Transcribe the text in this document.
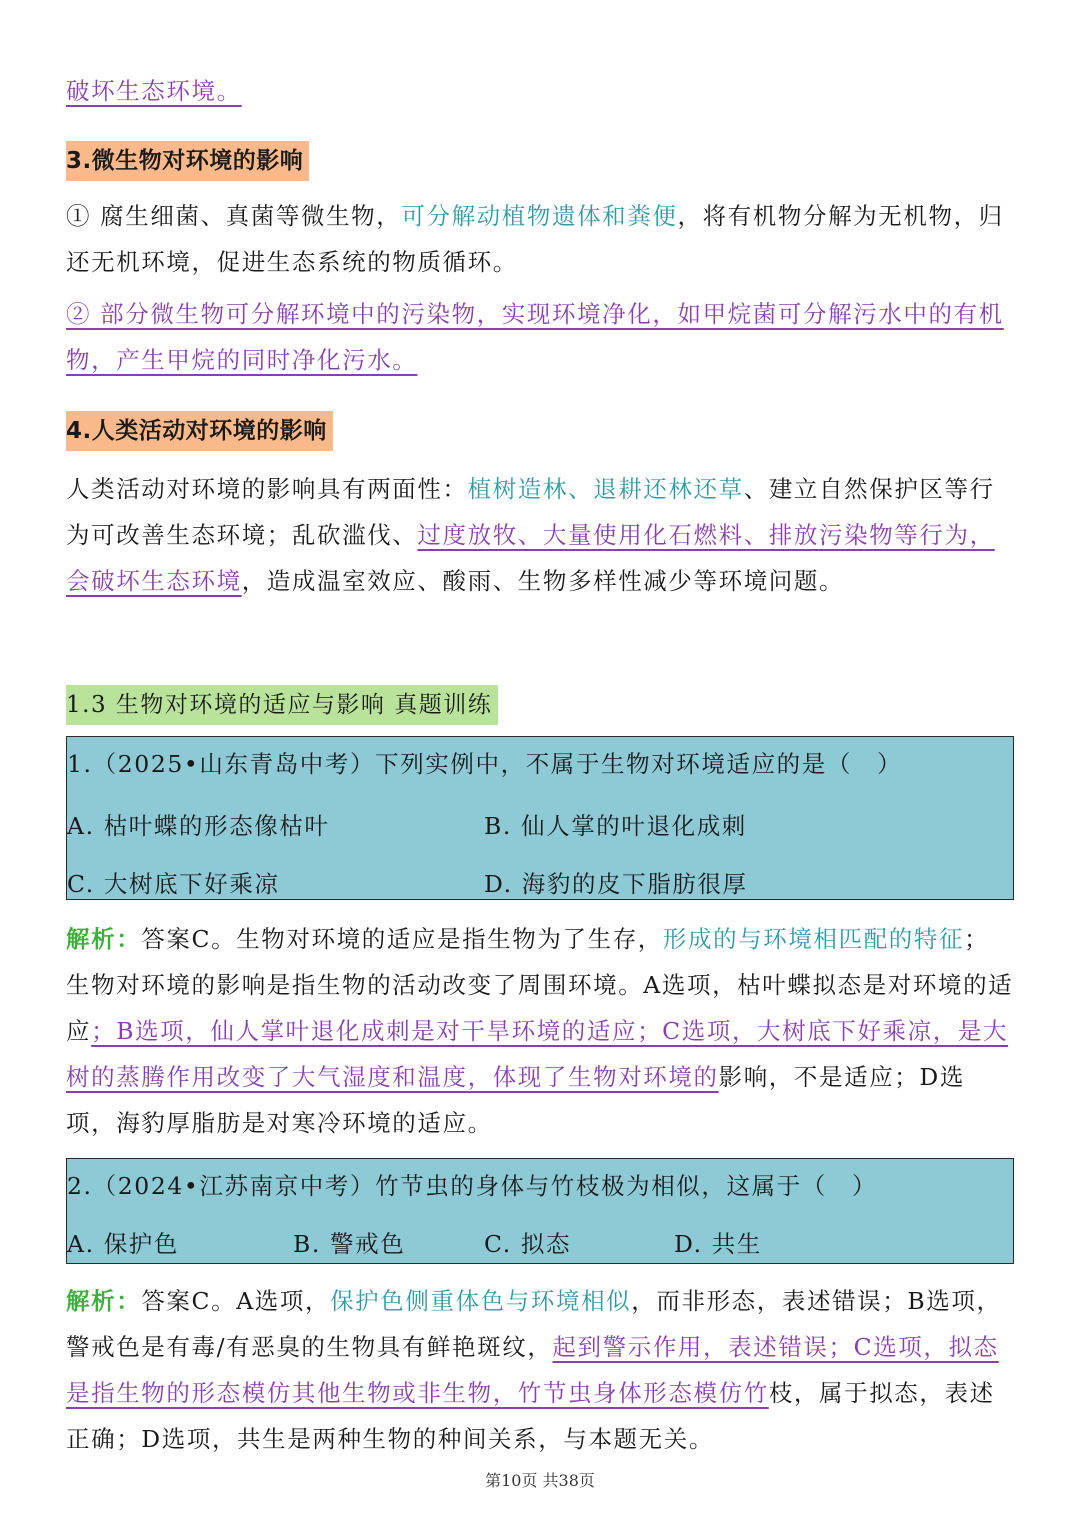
破坏生态环境。

3.微生物对环境的影响

① 腐生细菌、真菌等微生物，可分解动植物遗体和粪便，将有机物分解为无机物，归还无机环境，促进生态系统的物质循环。

② 部分微生物可分解环境中的污染物，实现环境净化，如甲烷菌可分解污水中的有机物，产生甲烷的同时净化污水。

4.人类活动对环境的影响

人类活动对环境的影响具有两面性：植树造林、退耕还林还草、建立自然保护区等行为可改善生态环境；乱砍滥伐、过度放牧、大量使用化石燃料、排放污染物等行为，会破坏生态环境，造成温室效应、酸雨、生物多样性减少等环境问题。

1.3 生物对环境的适应与影响 真题训练
1.（2025•山东青岛中考）下列实例中，不属于生物对环境适应的是（　）
A. 枯叶蝶的形态像枯叶	B. 仙人掌的叶退化成刺
C. 大树底下好乘凉	D. 海豹的皮下脂肪很厚

解析：答案C。生物对环境的适应是指生物为了生存，形成的与环境相匹配的特征；生物对环境的影响是指生物的活动改变了周围环境。A选项，枯叶蝶拟态是对环境的适应；B选项，仙人掌叶退化成刺是对干旱环境的适应；C选项，大树底下好乘凉，是大树的蒸腾作用改变了大气湿度和温度，体现了生物对环境的影响，不是适应；D选项，海豹厚脂肪是对寒冷环境的适应。

2.（2024•江苏南京中考）竹节虫的身体与竹枝极为相似，这属于（　）
A. 保护色	B. 警戒色	C. 拟态	D. 共生

解析：答案C。A选项，保护色侧重体色与环境相似，而非形态，表述错误；B选项，警戒色是有毒/有恶臭的生物具有鲜艳斑纹，起到警示作用，表述错误；C选项，拟态是指生物的形态模仿其他生物或非生物，竹节虫身体形态模仿竹枝，属于拟态，表述正确；D选项，共生是两种生物的种间关系，与本题无关。

第10页 共38页
